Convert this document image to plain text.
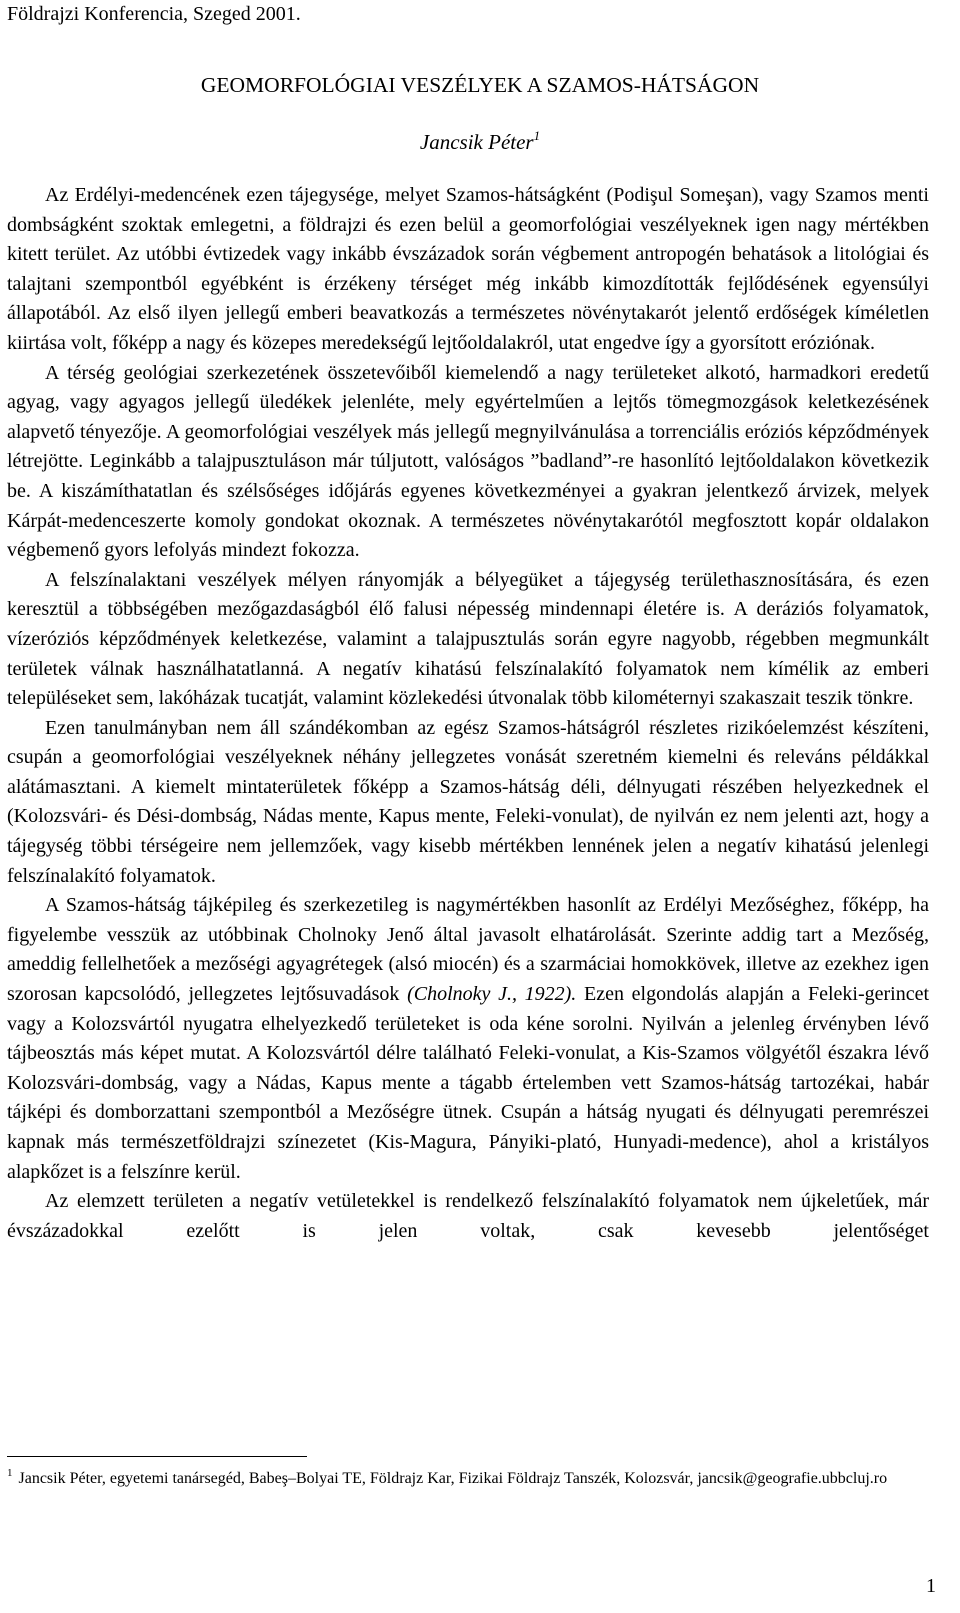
Földrajzi Konferencia, Szeged 2001.
GEOMORFOLÓGIAI VESZÉLYEK A SZAMOS-HÁTSÁGON
Jancsik Péter$^1$

Az Erdélyi-medencének ezen tájegysége, melyet Szamos-hátságként (Podişul Someşan), vagy Szamos menti dombságként szoktak emlegetni, a földrajzi és ezen belül a geomorfológiai veszélyeknek igen nagy mértékben kitett terület. Az utóbbi évtizedek vagy inkább évszázadok során végbement antropogén behatások a litológiai és talajtani szempontból egyébként is érzékeny térséget még inkább kimozdították fejlődésének egyensúlyi állapotából. Az első ilyen jellegű emberi beavatkozás a természetes növénytakarót jelentő erdőségek kíméletlen kiirtása volt, főképp a nagy és közepes meredekségű lejtőoldalakról, utat engedve így a gyorsított eróziónak.

A térség geológiai szerkezetének összetevőiből kiemelendő a nagy területeket alkotó, harmadkori eredetű agyag, vagy agyagos jellegű üledékek jelenléte, mely egyértelműen a lejtős tömegmozgások keletkezésének alapvető tényezője. A geomorfológiai veszélyek más jellegű megnyilvánulása a torrenciális eróziós képződmények létrejötte. Leginkább a talajpusztuláson már túljutott, valóságos ”badland”-re hasonlító lejtőoldalakon következik be. A kiszámíthatatlan és szélsőséges időjárás egyenes következményei a gyakran jelentkező árvizek, melyek Kárpát-medenceszerte komoly gondokat okoznak. A természetes növénytakarótól megfosztott kopár oldalakon végbemenő gyors lefolyás mindezt fokozza.

A felszínalaktani veszélyek mélyen rányomják a bélyegüket a tájegység területhasznosítására, és ezen keresztül a többségében mezőgazdaságból élő falusi népesség mindennapi életére is. A deráziós folyamatok, vízeróziós képződmények keletkezése, valamint a talajpusztulás során egyre nagyobb, régebben megmunkált területek válnak használhatatlanná. A negatív kihatású felszínalakító folyamatok nem kímélik az emberi településeket sem, lakóházak tucatját, valamint közlekedési útvonalak több kilométernyi szakaszait teszik tönkre.

Ezen tanulmányban nem áll szándékomban az egész Szamos-hátságról részletes rizikóelemzést készíteni, csupán a geomorfológiai veszélyeknek néhány jellegzetes vonását szeretném kiemelni és releváns példákkal alátámasztani. A kiemelt mintaterületek főképp a Szamos-hátság déli, délnyugati részében helyezkednek el (Kolozsvári- és Dési-dombság, Nádas mente, Kapus mente, Feleki-vonulat), de nyilván ez nem jelenti azt, hogy a tájegység többi térségeire nem jellemzőek, vagy kisebb mértékben lennének jelen a negatív kihatású jelenlegi felszínalakító folyamatok.

A Szamos-hátság tájképileg és szerkezetileg is nagymértékben hasonlít az Erdélyi Mezőséghez, főképp, ha figyelembe vesszük az utóbbinak Cholnoky Jenő által javasolt elhatárolását. Szerinte addig tart a Mezőség, ameddig fellelhetőek a mezőségi agyagrétegek (alsó miocén) és a szarmáciai homokkövek, illetve az ezekhez igen szorosan kapcsolódó, jellegzetes lejtősuvadások (Cholnoky J., 1922). Ezen elgondolás alapján a Feleki-gerincet vagy a Kolozsvártól nyugatra elhelyezkedő területeket is oda kéne sorolni. Nyilván a jelenleg érvényben lévő tájbeosztás más képet mutat. A Kolozsvártól délre található Feleki-vonulat, a Kis-Szamos völgyétől északra lévő Kolozsvári-dombság, vagy a Nádas, Kapus mente a tágabb értelemben vett Szamos-hátság tartozékai, habár tájképi és domborzattani szempontból a Mezőségre ütnek. Csupán a hátság nyugati és délnyugati peremrészei kapnak más természetföldrajzi színezetet (Kis-Magura, Pányiki-plató, Hunyadi-medence), ahol a kristályos alapkőzet is a felszínre kerül.

Az elemzett területen a negatív vetületekkel is rendelkező felszínalakító folyamatok nem újkeletűek, már évszázadokkal ezelőtt is jelen voltak, csak kevesebb jelentőséget

$^1$ Jancsik Péter, egyetemi tanársegéd, Babeş–Bolyai TE, Földrajz Kar, Fizikai Földrajz Tanszék, Kolozsvár, jancsik@geografie.ubbcluj.ro
1
